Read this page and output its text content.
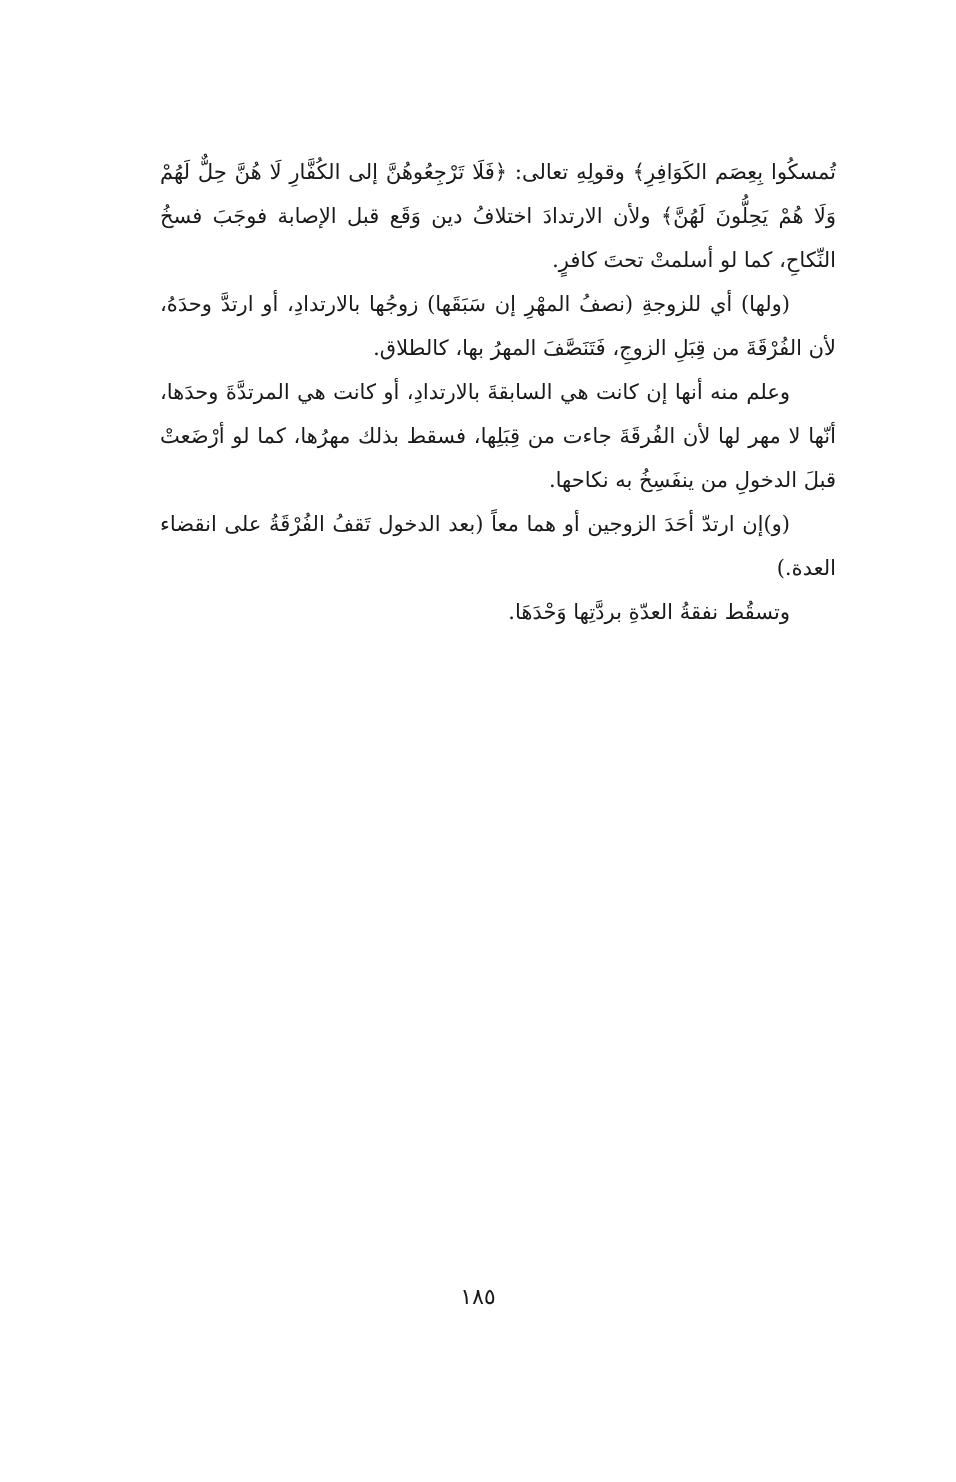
تُمسكُوا بِعِصَم الكَوَافِرِ﴾ وقولِهِ تعالى: ﴿فَلَا تَرْجِعُوهُنَّ إلى الكُفَّارِ لَا هُنَّ حِلٌّ لَهُمْ وَلَا هُمْ يَحِلُّونَ لَهُنَّ﴾ ولأن الارتدادَ اختلافُ دين وَقَع قبل الإصابة فوجَبَ فسخُ النِّكاحِ، كما لو أسلمتْ تحتَ كافرٍ.

(ولها) أي للزوجةِ (نصفُ المهْرِ إن سَبَقَها) زوجُها بالارتدادِ، أو ارتدَّ وحدَهُ، لأن الفُرْقَةَ من قِبَلِ الزوجِ، فَتَنَصَّفَ المهرُ بها، كالطلاق.

وعلم منه أنها إن كانت هي السابقةَ بالارتدادِ، أو كانت هي المرتدَّةَ وحدَها، أنّها لا مهر لها لأن الفُرقَةَ جاءت من قِبَلِها، فسقط بذلك مهرُها، كما لو أرْضَعتْ قبلَ الدخولِ من ينفَسِخُ به نكاحها.

(و)إن ارتدّ أحَدَ الزوجين أو هما معاً (بعد الدخول تَقفُ الفُرْقَةُ على انقضاء العدة.)

وتسقُط نفقةُ العدّةِ بردَّتِها وَحْدَهَا.

١٨٥
